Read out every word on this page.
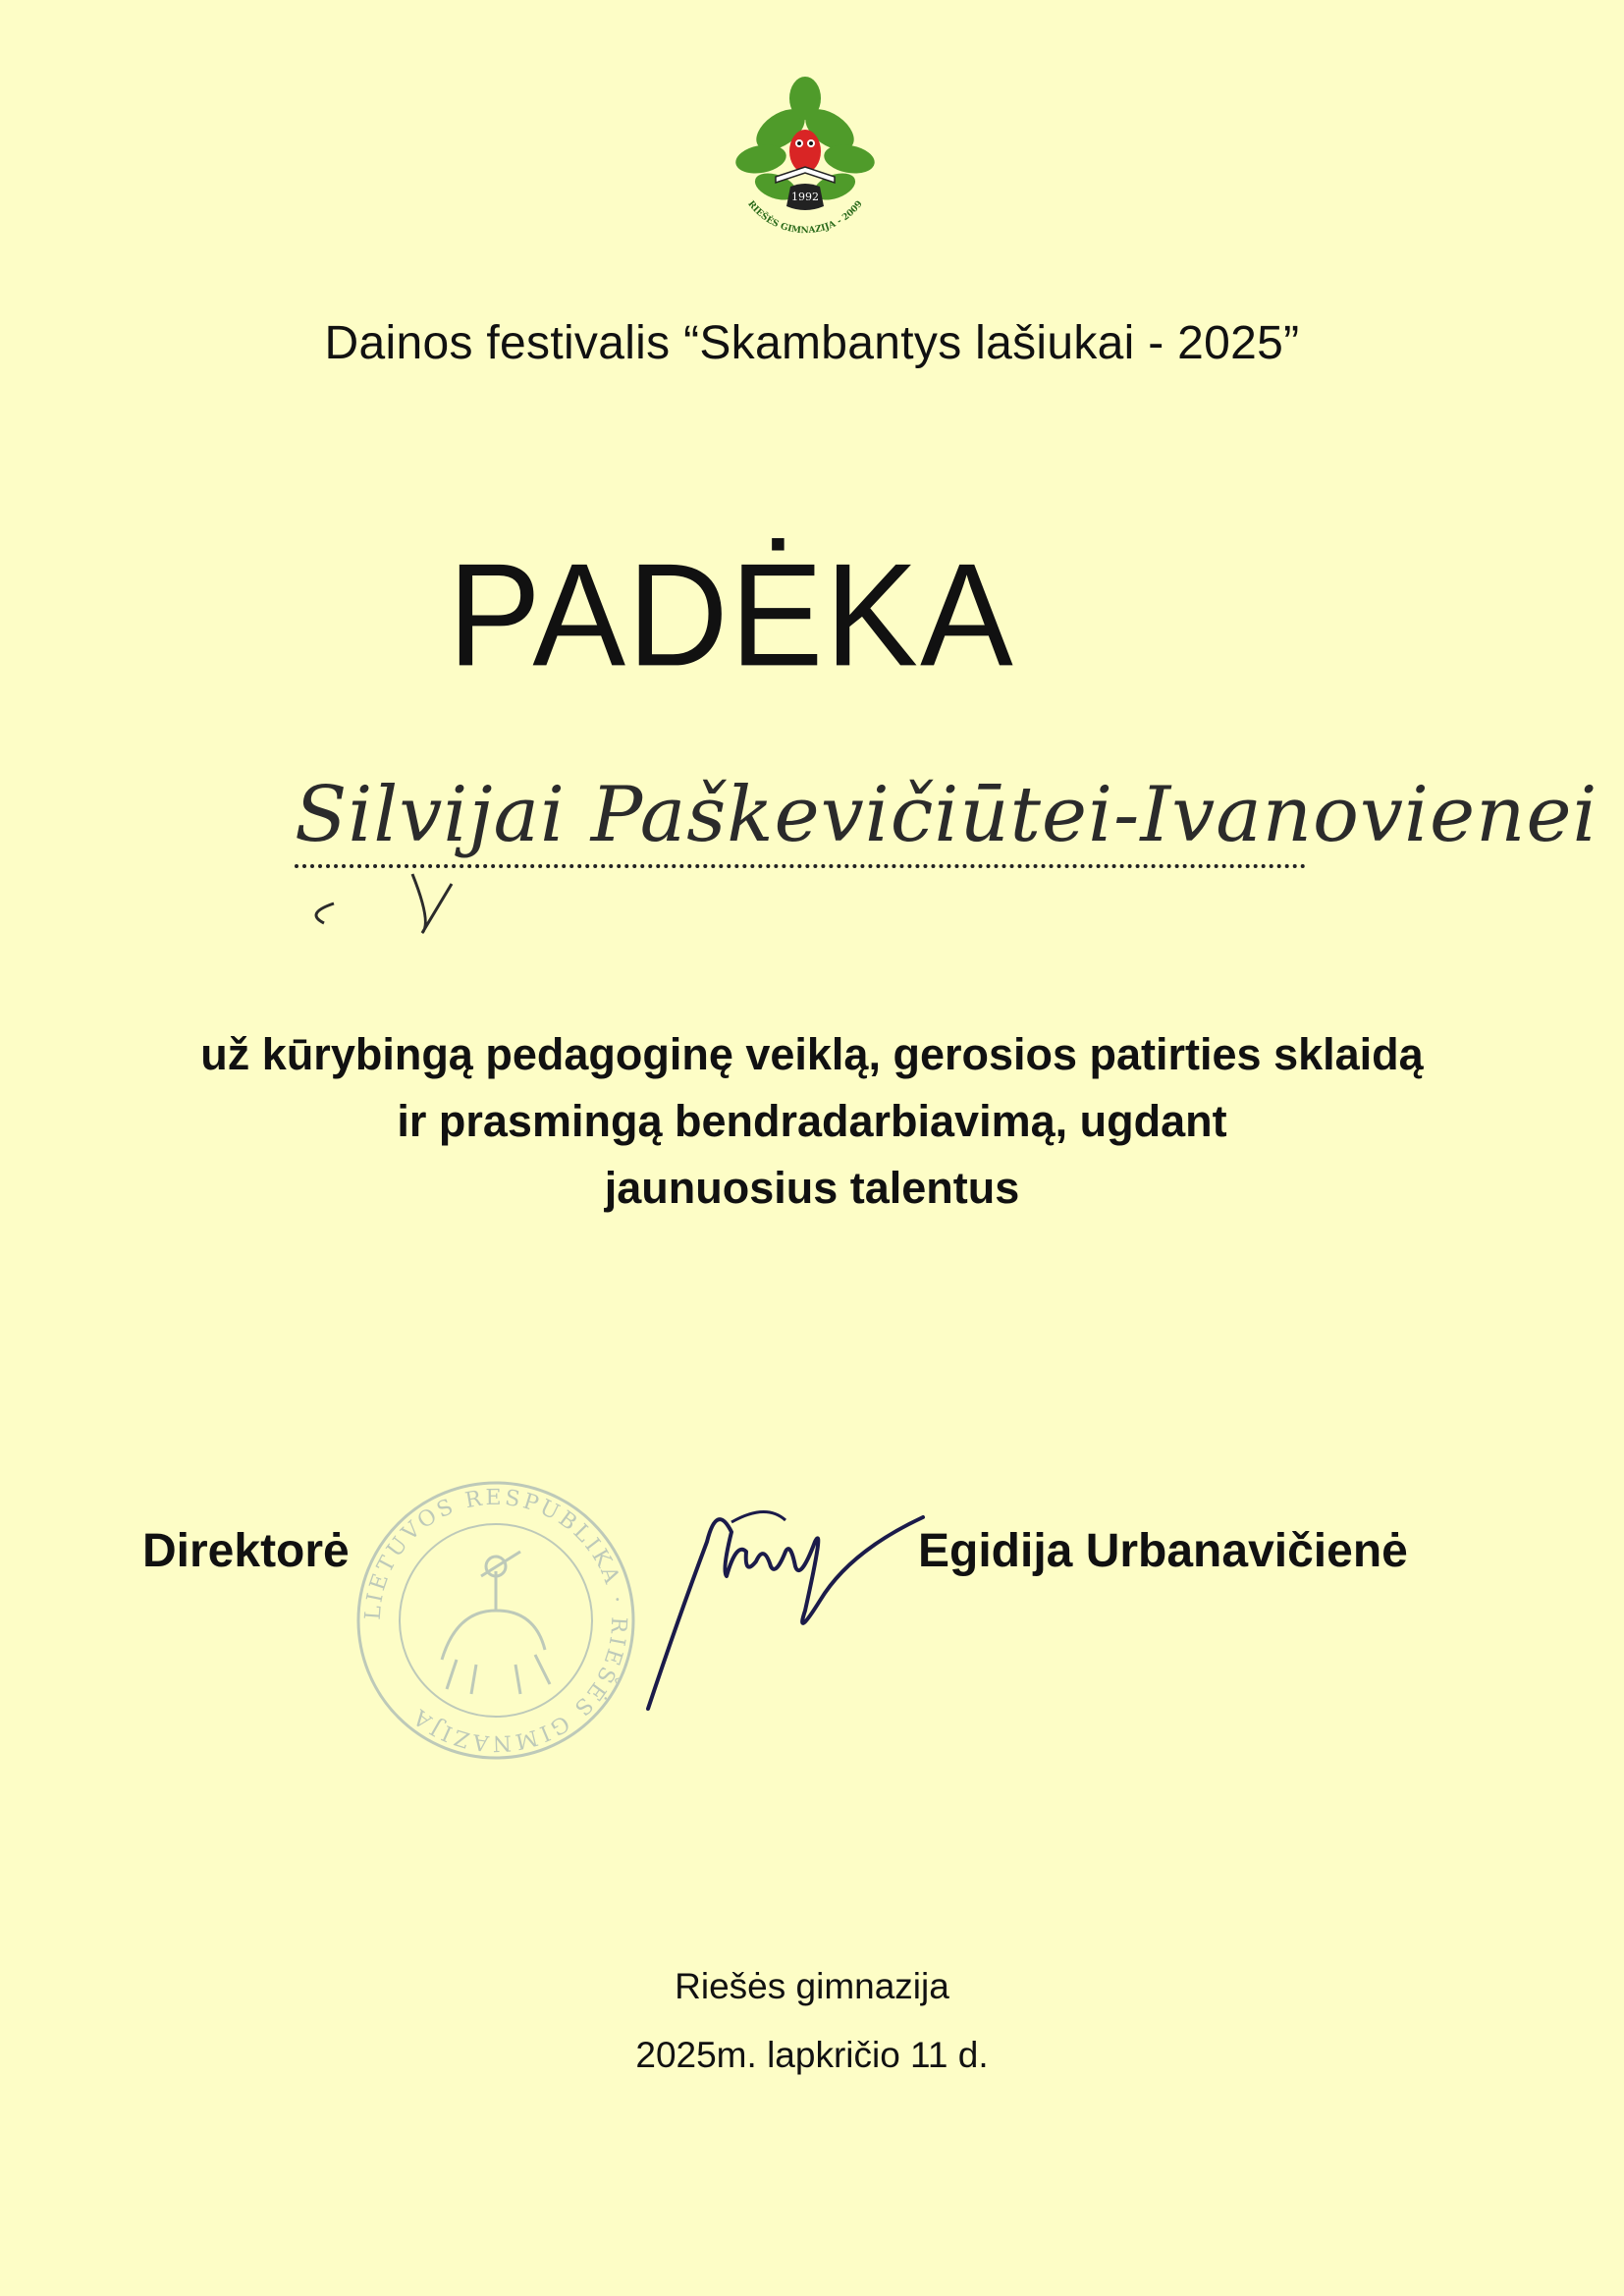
1992
RIEŠĖS GIMNAZIJA - 2009
Dainos festivalis “Skambantys lašiukai - 2025”
PADĖKA
Silvijai Paškevičiūtei-Ivanovienei
už kūrybingą pedagoginę veiklą, gerosios patirties sklaidą
ir prasmingą bendradarbiavimą, ugdant
jaunuosius talentus
LIETUVOS RESPUBLIKA · RIEŠĖS GIMNAZIJA
Direktorė	Egidija Urbanavičienė
Riešės gimnazija
2025m. lapkričio 11 d.
